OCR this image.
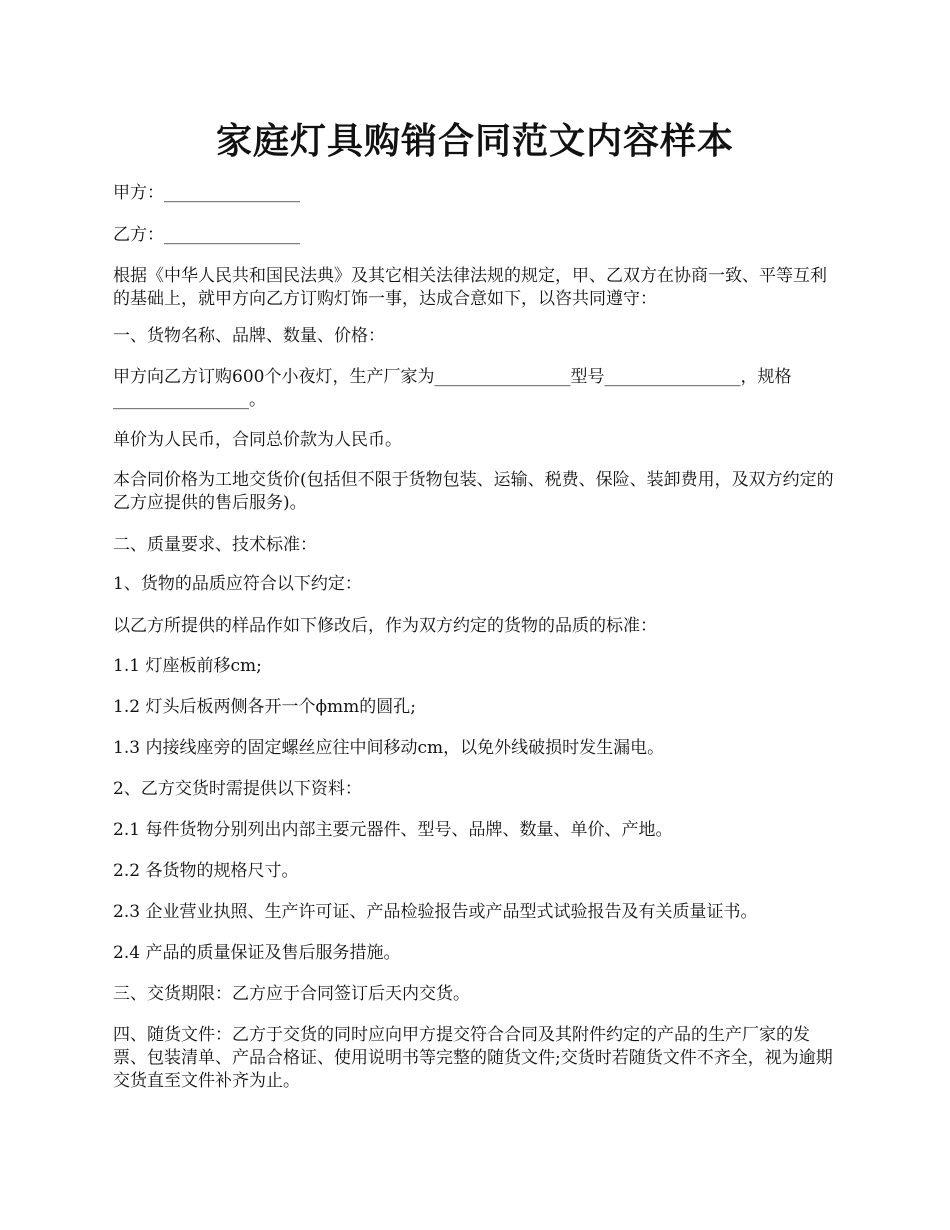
家庭灯具购销合同范文内容样本

甲方：________________

乙方：________________

根据《中华人民共和国民法典》及其它相关法律法规的规定，甲、乙双方在协商一致、平等互利的基础上，就甲方向乙方订购灯饰一事，达成合意如下，以咨共同遵守：

一、货物名称、品牌、数量、价格：

甲方向乙方订购600个小夜灯，生产厂家为________________型号________________，规格________________。

单价为人民币，合同总价款为人民币。

本合同价格为工地交货价(包括但不限于货物包装、运输、税费、保险、装卸费用，及双方约定的乙方应提供的售后服务)。

二、质量要求、技术标准：

1、货物的品质应符合以下约定：

以乙方所提供的样品作如下修改后，作为双方约定的货物的品质的标准：

1.1 灯座板前移cm;

1.2 灯头后板两侧各开一个ϕmm的圆孔;

1.3 内接线座旁的固定螺丝应往中间移动cm，以免外线破损时发生漏电。

2、乙方交货时需提供以下资料：

2.1 每件货物分别列出内部主要元器件、型号、品牌、数量、单价、产地。

2.2 各货物的规格尺寸。

2.3 企业营业执照、生产许可证、产品检验报告或产品型式试验报告及有关质量证书。

2.4 产品的质量保证及售后服务措施。

三、交货期限：乙方应于合同签订后天内交货。

四、随货文件：乙方于交货的同时应向甲方提交符合合同及其附件约定的产品的生产厂家的发票、包装清单、产品合格证、使用说明书等完整的随货文件;交货时若随货文件不齐全，视为逾期交货直至文件补齐为止。
